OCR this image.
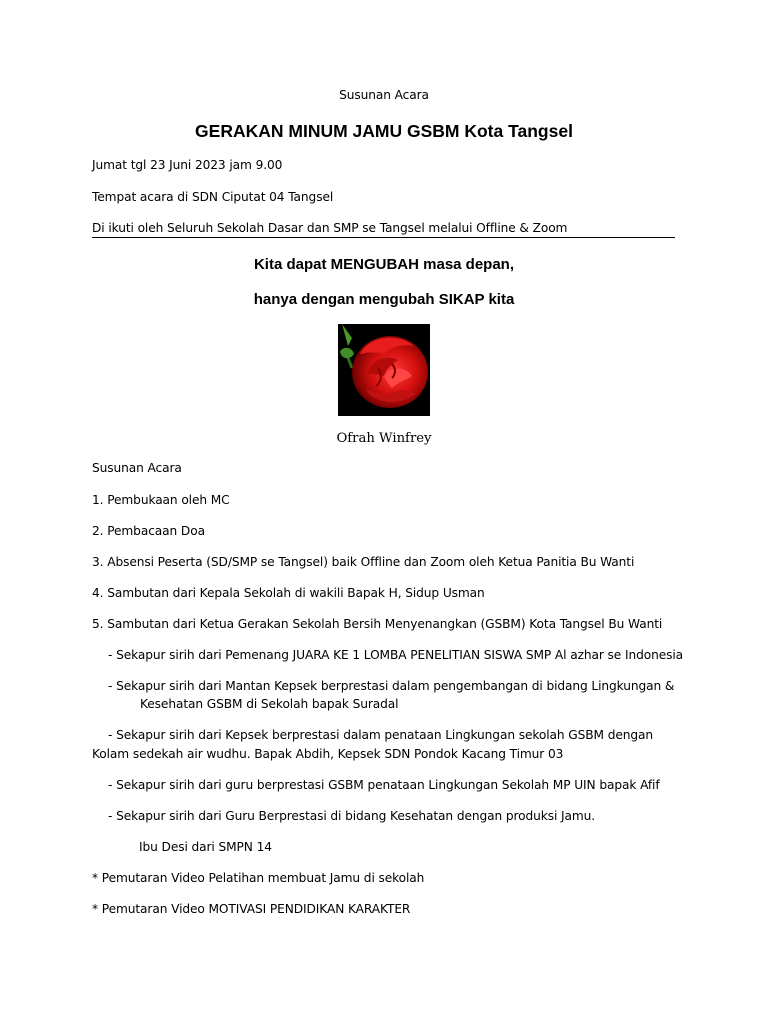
Susunan Acara
GERAKAN MINUM JAMU GSBM Kota Tangsel
Jumat tgl 23 Juni 2023 jam 9.00
Tempat acara di SDN Ciputat 04 Tangsel
Di ikuti oleh Seluruh Sekolah Dasar dan SMP se Tangsel melalui Offline & Zoom
Kita dapat MENGUBAH masa depan,
hanya dengan mengubah SIKAP kita
Ofrah Winfrey
Susunan Acara
1. Pembukaan oleh MC
2. Pembacaan Doa
3. Absensi Peserta (SD/SMP se Tangsel) baik Offline dan Zoom oleh Ketua Panitia Bu Wanti
4. Sambutan dari Kepala Sekolah di wakili Bapak H, Sidup Usman
5. Sambutan dari Ketua Gerakan Sekolah Bersih Menyenangkan (GSBM) Kota Tangsel Bu Wanti
- Sekapur sirih dari Pemenang JUARA KE 1 LOMBA PENELITIAN SISWA SMP Al azhar se Indonesia
- Sekapur sirih dari Mantan Kepsek berprestasi dalam pengembangan di bidang Lingkungan &
Kesehatan GSBM di Sekolah bapak Suradal
- Sekapur sirih dari Kepsek berprestasi dalam penataan Lingkungan sekolah GSBM dengan
Kolam sedekah air wudhu. Bapak Abdih, Kepsek SDN Pondok Kacang Timur 03
- Sekapur sirih dari guru berprestasi GSBM penataan Lingkungan Sekolah MP UIN bapak Afif
- Sekapur sirih dari Guru Berprestasi di bidang Kesehatan dengan produksi Jamu.
Ibu Desi dari SMPN 14
* Pemutaran Video Pelatihan membuat Jamu di sekolah
* Pemutaran Video MOTIVASI PENDIDIKAN KARAKTER
